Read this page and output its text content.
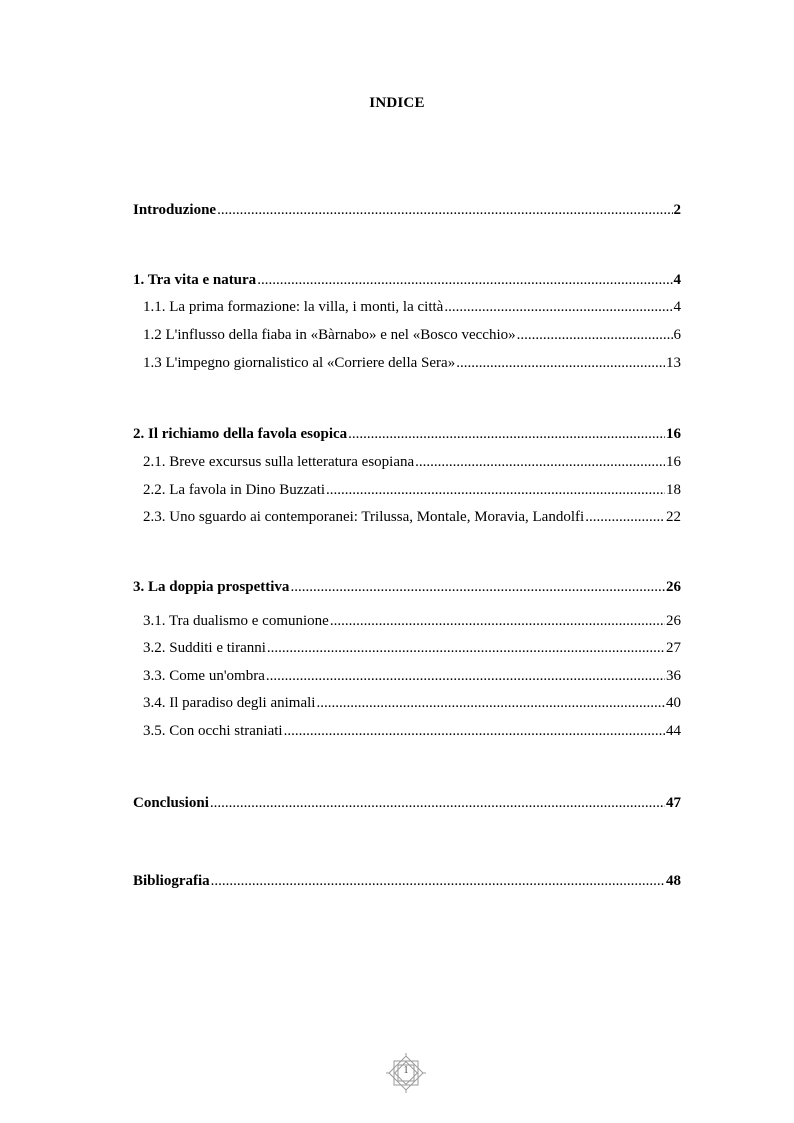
INDICE
Introduzione .....	2
1. Tra vita e natura .....	4
1.1. La prima formazione: la villa, i monti, la città .....	4
1.2 L'influsso della fiaba in «Bàrnabo» e nel «Bosco vecchio» .....	6
1.3 L'impegno giornalistico al «Corriere della Sera» .....	13
2. Il richiamo della favola esopica .....	16
2.1. Breve excursus sulla letteratura esopiana .....	16
2.2. La favola in Dino Buzzati .....	18
2.3. Uno sguardo ai contemporanei: Trilussa, Montale, Moravia, Landolfi .....	22
3. La doppia prospettiva .....	26
3.1. Tra dualismo e comunione .....	26
3.2. Sudditi e tiranni .....	27
3.3. Come un'ombra .....	36
3.4. Il paradiso degli animali .....	40
3.5. Con occhi straniati .....	44
Conclusioni .....	47
Bibliografia .....	48
1
